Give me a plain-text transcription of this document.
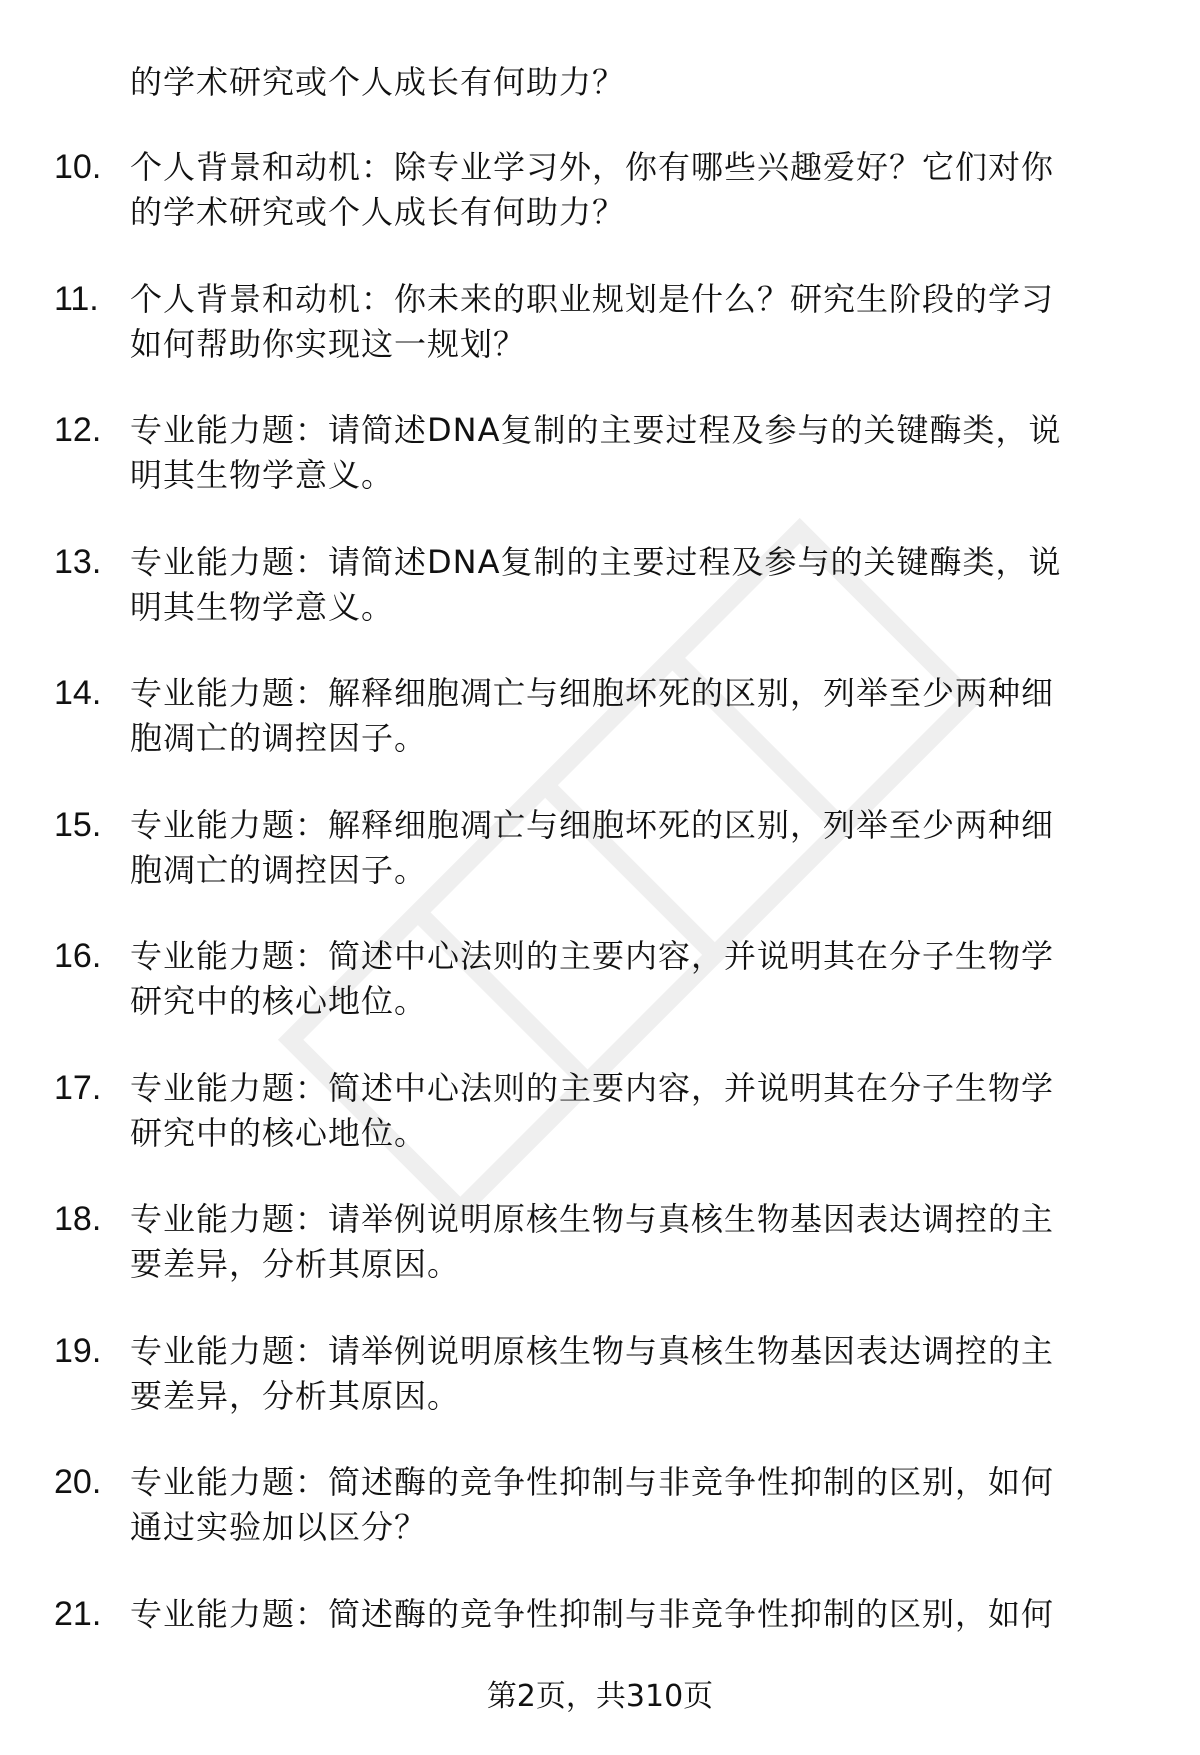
的学术研究或个人成长有何助力？
10. 个人背景和动机：除专业学习外，你有哪些兴趣爱好？它们对你
的学术研究或个人成长有何助力？

11. 个人背景和动机：你未来的职业规划是什么？研究生阶段的学习
如何帮助你实现这一规划？

12. 专业能力题：请简述DNA复制的主要过程及参与的关键酶类，说
明其生物学意义。

13. 专业能力题：请简述DNA复制的主要过程及参与的关键酶类，说
明其生物学意义。

14. 专业能力题：解释细胞凋亡与细胞坏死的区别，列举至少两种细
胞凋亡的调控因子。

15. 专业能力题：解释细胞凋亡与细胞坏死的区别，列举至少两种细
胞凋亡的调控因子。

16. 专业能力题：简述中心法则的主要内容，并说明其在分子生物学
研究中的核心地位。

17. 专业能力题：简述中心法则的主要内容，并说明其在分子生物学
研究中的核心地位。

18. 专业能力题：请举例说明原核生物与真核生物基因表达调控的主
要差异，分析其原因。

19. 专业能力题：请举例说明原核生物与真核生物基因表达调控的主
要差异，分析其原因。

20. 专业能力题：简述酶的竞争性抑制与非竞争性抑制的区别，如何
通过实验加以区分？

21. 专业能力题：简述酶的竞争性抑制与非竞争性抑制的区别，如何

第2页，共310页
